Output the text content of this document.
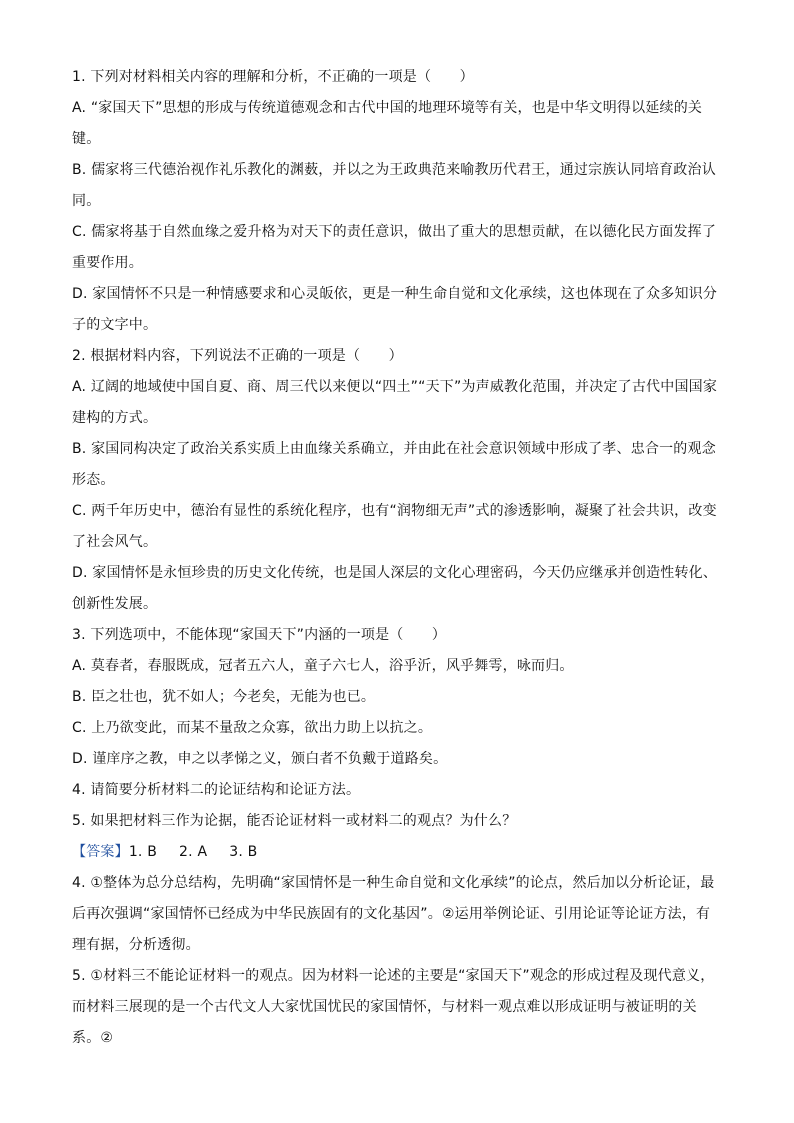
1. 下列对材料相关内容的理解和分析，不正确的一项是（　　）

A. “家国天下”思想的形成与传统道德观念和古代中国的地理环境等有关，也是中华文明得以延续的关键。

B. 儒家将三代德治视作礼乐教化的渊薮，并以之为王政典范来喻教历代君王，通过宗族认同培育政治认同。

C. 儒家将基于自然血缘之爱升格为对天下的责任意识，做出了重大的思想贡献，在以德化民方面发挥了重要作用。

D. 家国情怀不只是一种情感要求和心灵皈依，更是一种生命自觉和文化承续，这也体现在了众多知识分子的文字中。

2. 根据材料内容，下列说法不正确的一项是（　　）

A. 辽阔的地域使中国自夏、商、周三代以来便以“四土”“天下”为声威教化范围，并决定了古代中国国家建构的方式。

B. 家国同构决定了政治关系实质上由血缘关系确立，并由此在社会意识领域中形成了孝、忠合一的观念形态。

C. 两千年历史中，德治有显性的系统化程序，也有“润物细无声”式的渗透影响，凝聚了社会共识，改变了社会风气。

D. 家国情怀是永恒珍贵的历史文化传统，也是国人深层的文化心理密码，今天仍应继承并创造性转化、创新性发展。

3. 下列选项中，不能体现“家国天下”内涵的一项是（　　）

A. 莫春者，春服既成，冠者五六人，童子六七人，浴乎沂，风乎舞雩，咏而归。

B. 臣之壮也，犹不如人；今老矣，无能为也已。

C. 上乃欲变此，而某不量敌之众寡，欲出力助上以抗之。

D. 谨庠序之教，申之以孝悌之义，颁白者不负戴于道路矣。

4. 请简要分析材料二的论证结构和论证方法。

5. 如果把材料三作为论据，能否论证材料一或材料二的观点？为什么？

【答案】1. B 2. A 3. B

4. ①整体为总分总结构，先明确“家国情怀是一种生命自觉和文化承续”的论点，然后加以分析论证，最后再次强调“家国情怀已经成为中华民族固有的文化基因”。②运用举例论证、引用论证等论证方法，有理有据，分析透彻。

5. ①材料三不能论证材料一的观点。因为材料一论述的主要是“家国天下”观念的形成过程及现代意义，而材料三展现的是一个古代文人大家忧国忧民的家国情怀，与材料一观点难以形成证明与被证明的关系。②
